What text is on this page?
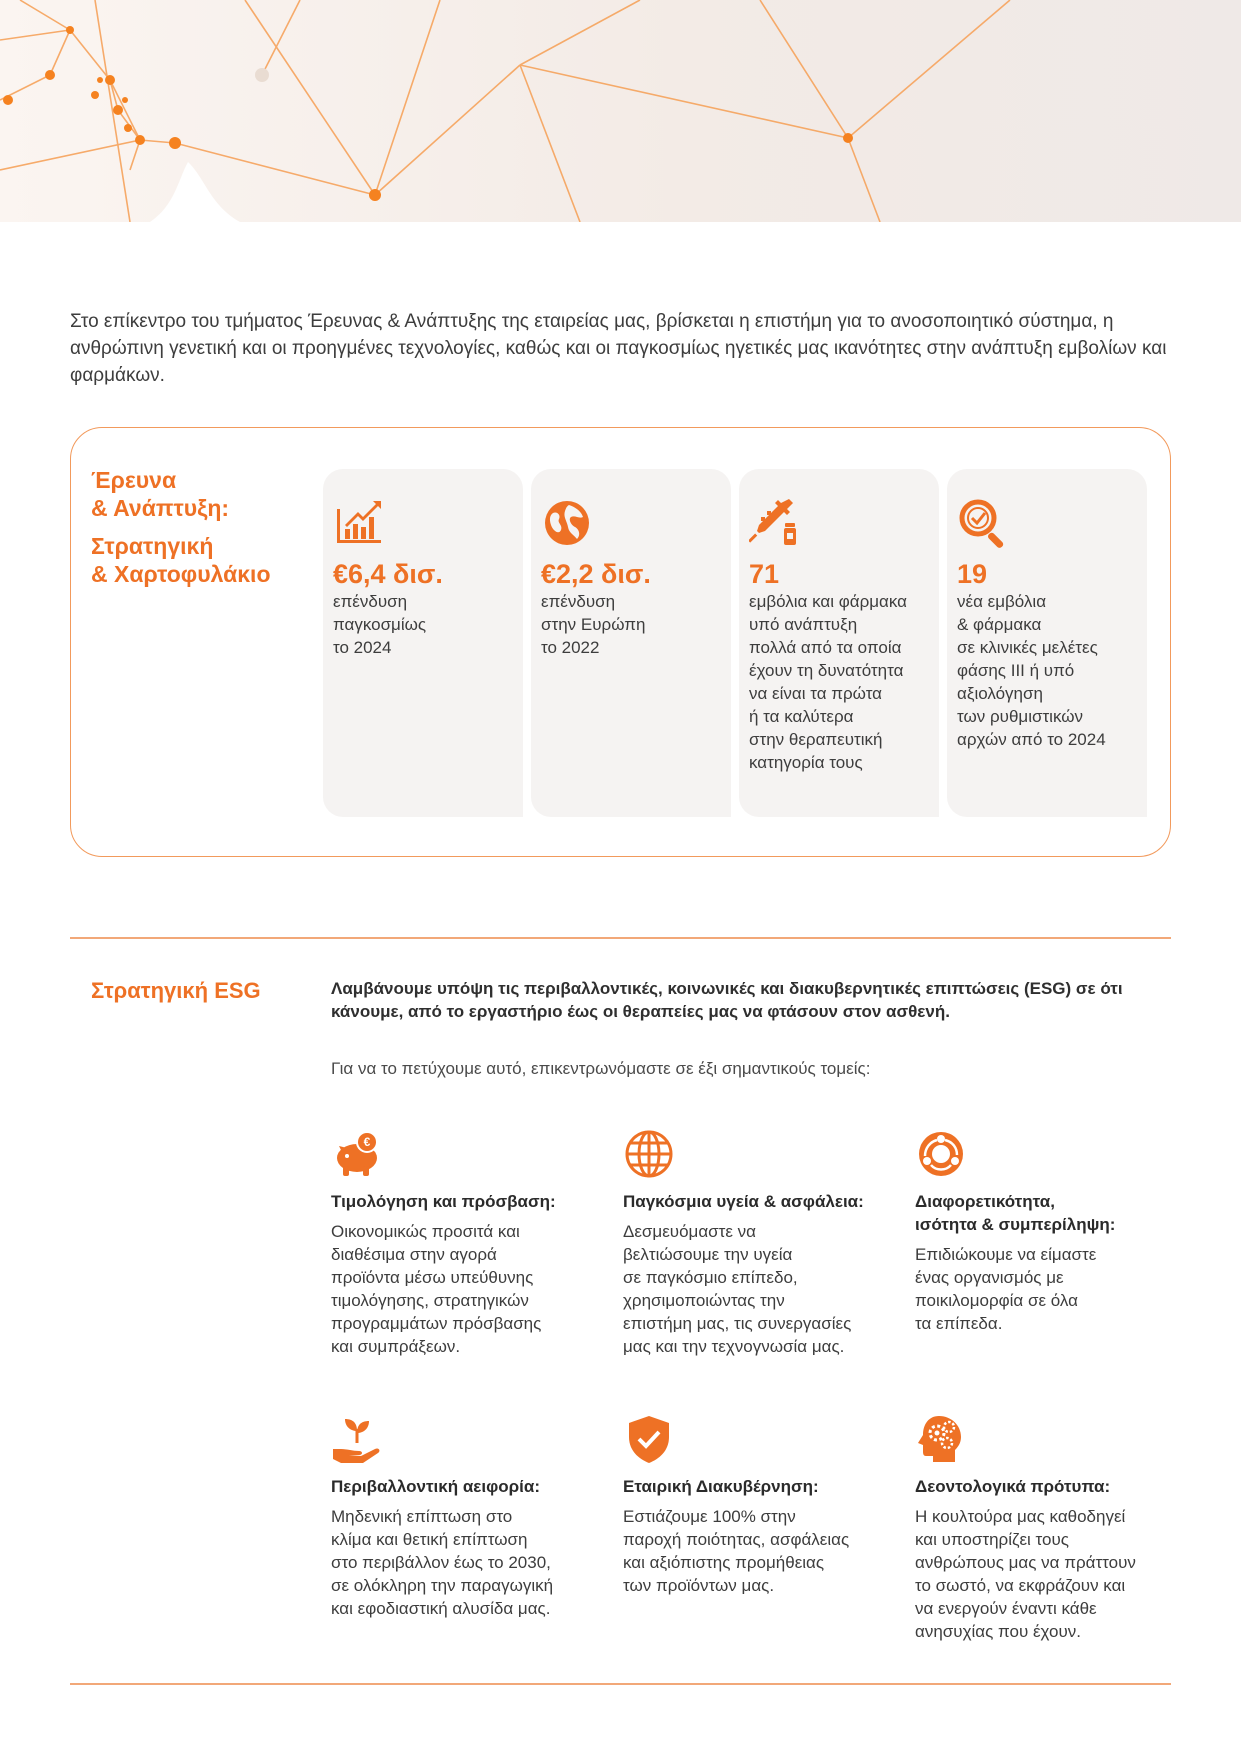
Στο επίκεντρο του τμήματος Έρευνας & Ανάπτυξης της εταιρείας μας, βρίσκεται η επιστήμη για το ανοσοποιητικό σύστημα, η ανθρώπινη γενετική και οι προηγμένες τεχνολογίες, καθώς και οι παγκοσμίως ηγετικές μας ικανότητες στην ανάπτυξη εμβολίων και φαρμάκων.

Έρευνα
& Ανάπτυξη:
Στρατηγική
& Χαρτοφυλάκιο	€6,4 δισ.
επένδυση
παγκοσμίως
το 2024
€2,2 δισ.
επένδυση
στην Ευρώπη
το 2022
71
εμβόλια και φάρμακα
υπό ανάπτυξη
πολλά από τα οποία
έχουν τη δυνατότητα
να είναι τα πρώτα
ή τα καλύτερα
στην θεραπευτική
κατηγορία τους
19
νέα εμβόλια
& φάρμακα
σε κλινικές μελέτες
φάσης ΙΙΙ ή υπό
αξιολόγηση
των ρυθμιστικών
αρχών από το 2024
Στρατηγική ESG	Λαμβάνουμε υπόψη τις περιβαλλοντικές, κοινωνικές και διακυβερνητικές επιπτώσεις (ESG) σε ότι κάνουμε, από το εργαστήριο έως οι θεραπείες μας να φτάσουν στον ασθενή.

Για να το πετύχουμε αυτό, επικεντρωνόμαστε σε έξι σημαντικούς τομείς:

€
Τιμολόγηση και πρόσβαση:
Οικονομικώς προσιτά και
διαθέσιμα στην αγορά
προϊόντα μέσω υπεύθυνης
τιμολόγησης, στρατηγικών
προγραμμάτων πρόσβασης
και συμπράξεων.
Παγκόσμια υγεία & ασφάλεια:
Δεσμευόμαστε να
βελτιώσουμε την υγεία
σε παγκόσμιο επίπεδο,
χρησιμοποιώντας την
επιστήμη μας, τις συνεργασίες
μας και την τεχνογνωσία μας.
Διαφορετικότητα,
ισότητα & συμπερίληψη:
Επιδιώκουμε να είμαστε
ένας οργανισμός με
ποικιλομορφία σε όλα
τα επίπεδα.
Περιβαλλοντική αειφορία:
Μηδενική επίπτωση στο
κλίμα και θετική επίπτωση
στο περιβάλλον έως το 2030,
σε ολόκληρη την παραγωγική
και εφοδιαστική αλυσίδα μας.
Εταιρική Διακυβέρνηση:
Εστιάζουμε 100% στην
παροχή ποιότητας, ασφάλειας
και αξιόπιστης προμήθειας
των προϊόντων μας.
Δεοντολογικά πρότυπα:
Η κουλτούρα μας καθοδηγεί
και υποστηρίζει τους
ανθρώπους μας να πράττουν
το σωστό, να εκφράζουν και
να ενεργούν έναντι κάθε
ανησυχίας που έχουν.
